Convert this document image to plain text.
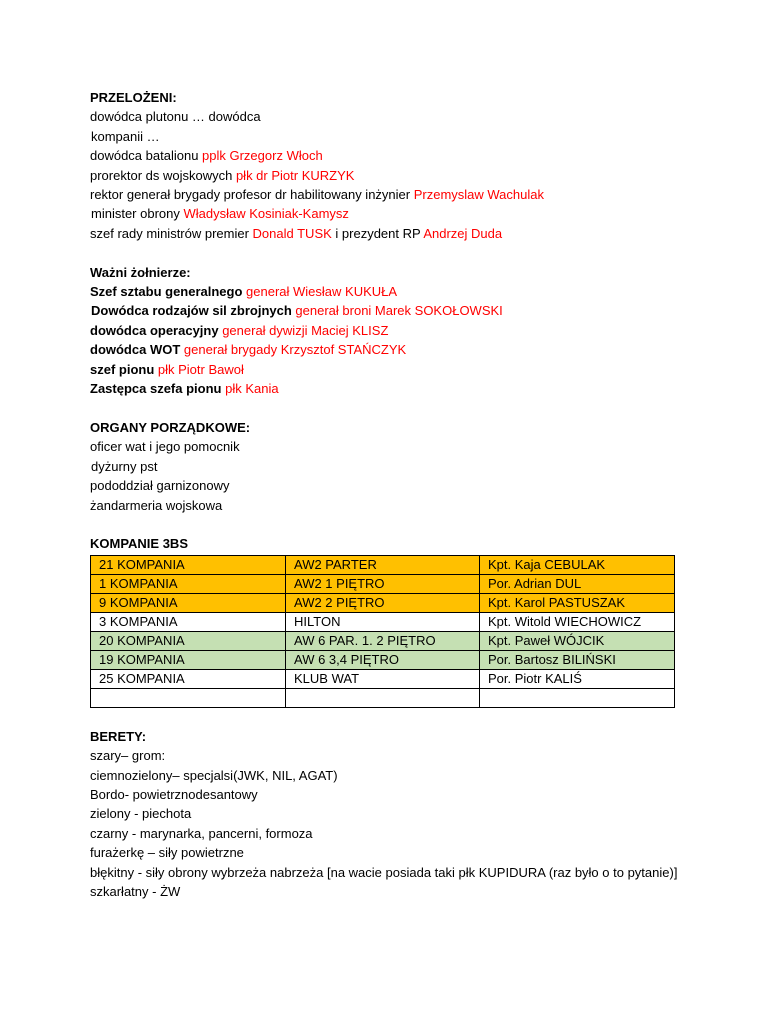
PRZELOŻENI:
dowódca plutonu … dowódca
kompanii …
dowódca batalionu pplk Grzegorz Włoch
prorektor ds wojskowych płk dr Piotr KURZYK
rektor generał brygady profesor dr habilitowany inżynier Przemyslaw Wachulak
minister obrony Władysław Kosiniak-Kamysz
szef rady ministrów premier Donald TUSK i prezydent RP Andrzej Duda
Ważni żołnierze:
Szef sztabu generalnego generał Wiesław KUKUŁA
Dowódca rodzajów sil zbrojnych generał broni Marek SOKOŁOWSKI
dowódca operacyjny generał dywizji Maciej KLISZ
dowódca WOT generał brygady Krzysztof STAŃCZYK
szef pionu płk Piotr Bawoł
Zastępca szefa pionu płk Kania
ORGANY PORZĄDKOWE:
oficer wat i jego pomocnik
dyżurny pst
pododdział garnizonowy
żandarmeria wojskowa
KOMPANIE 3BS
21 KOMPANIA	AW2 PARTER	Kpt. Kaja CEBULAK
1 KOMPANIA	AW2 1 PIĘTRO	Por. Adrian DUL
9 KOMPANIA	AW2 2 PIĘTRO	Kpt. Karol PASTUSZAK
3 KOMPANIA	HILTON	Kpt. Witold WIECHOWICZ
20 KOMPANIA	AW 6 PAR. 1. 2 PIĘTRO	Kpt. Paweł WÓJCIK
19 KOMPANIA	AW 6 3,4 PIĘTRO	Por. Bartosz BILIŃSKI
25 KOMPANIA	KLUB WAT	Por. Piotr KALIŚ

BERETY:
szary– grom:
ciemnozielony– specjalsi(JWK, NIL, AGAT)
Bordo- powietrznodesantowy
zielony - piechota
czarny - marynarka, pancerni, formoza
furażerkę – siły powietrzne
błękitny - siły obrony wybrzeża nabrzeża [na wacie posiada taki płk KUPIDURA (raz było o to pytanie)]
szkarłatny - ŻW
